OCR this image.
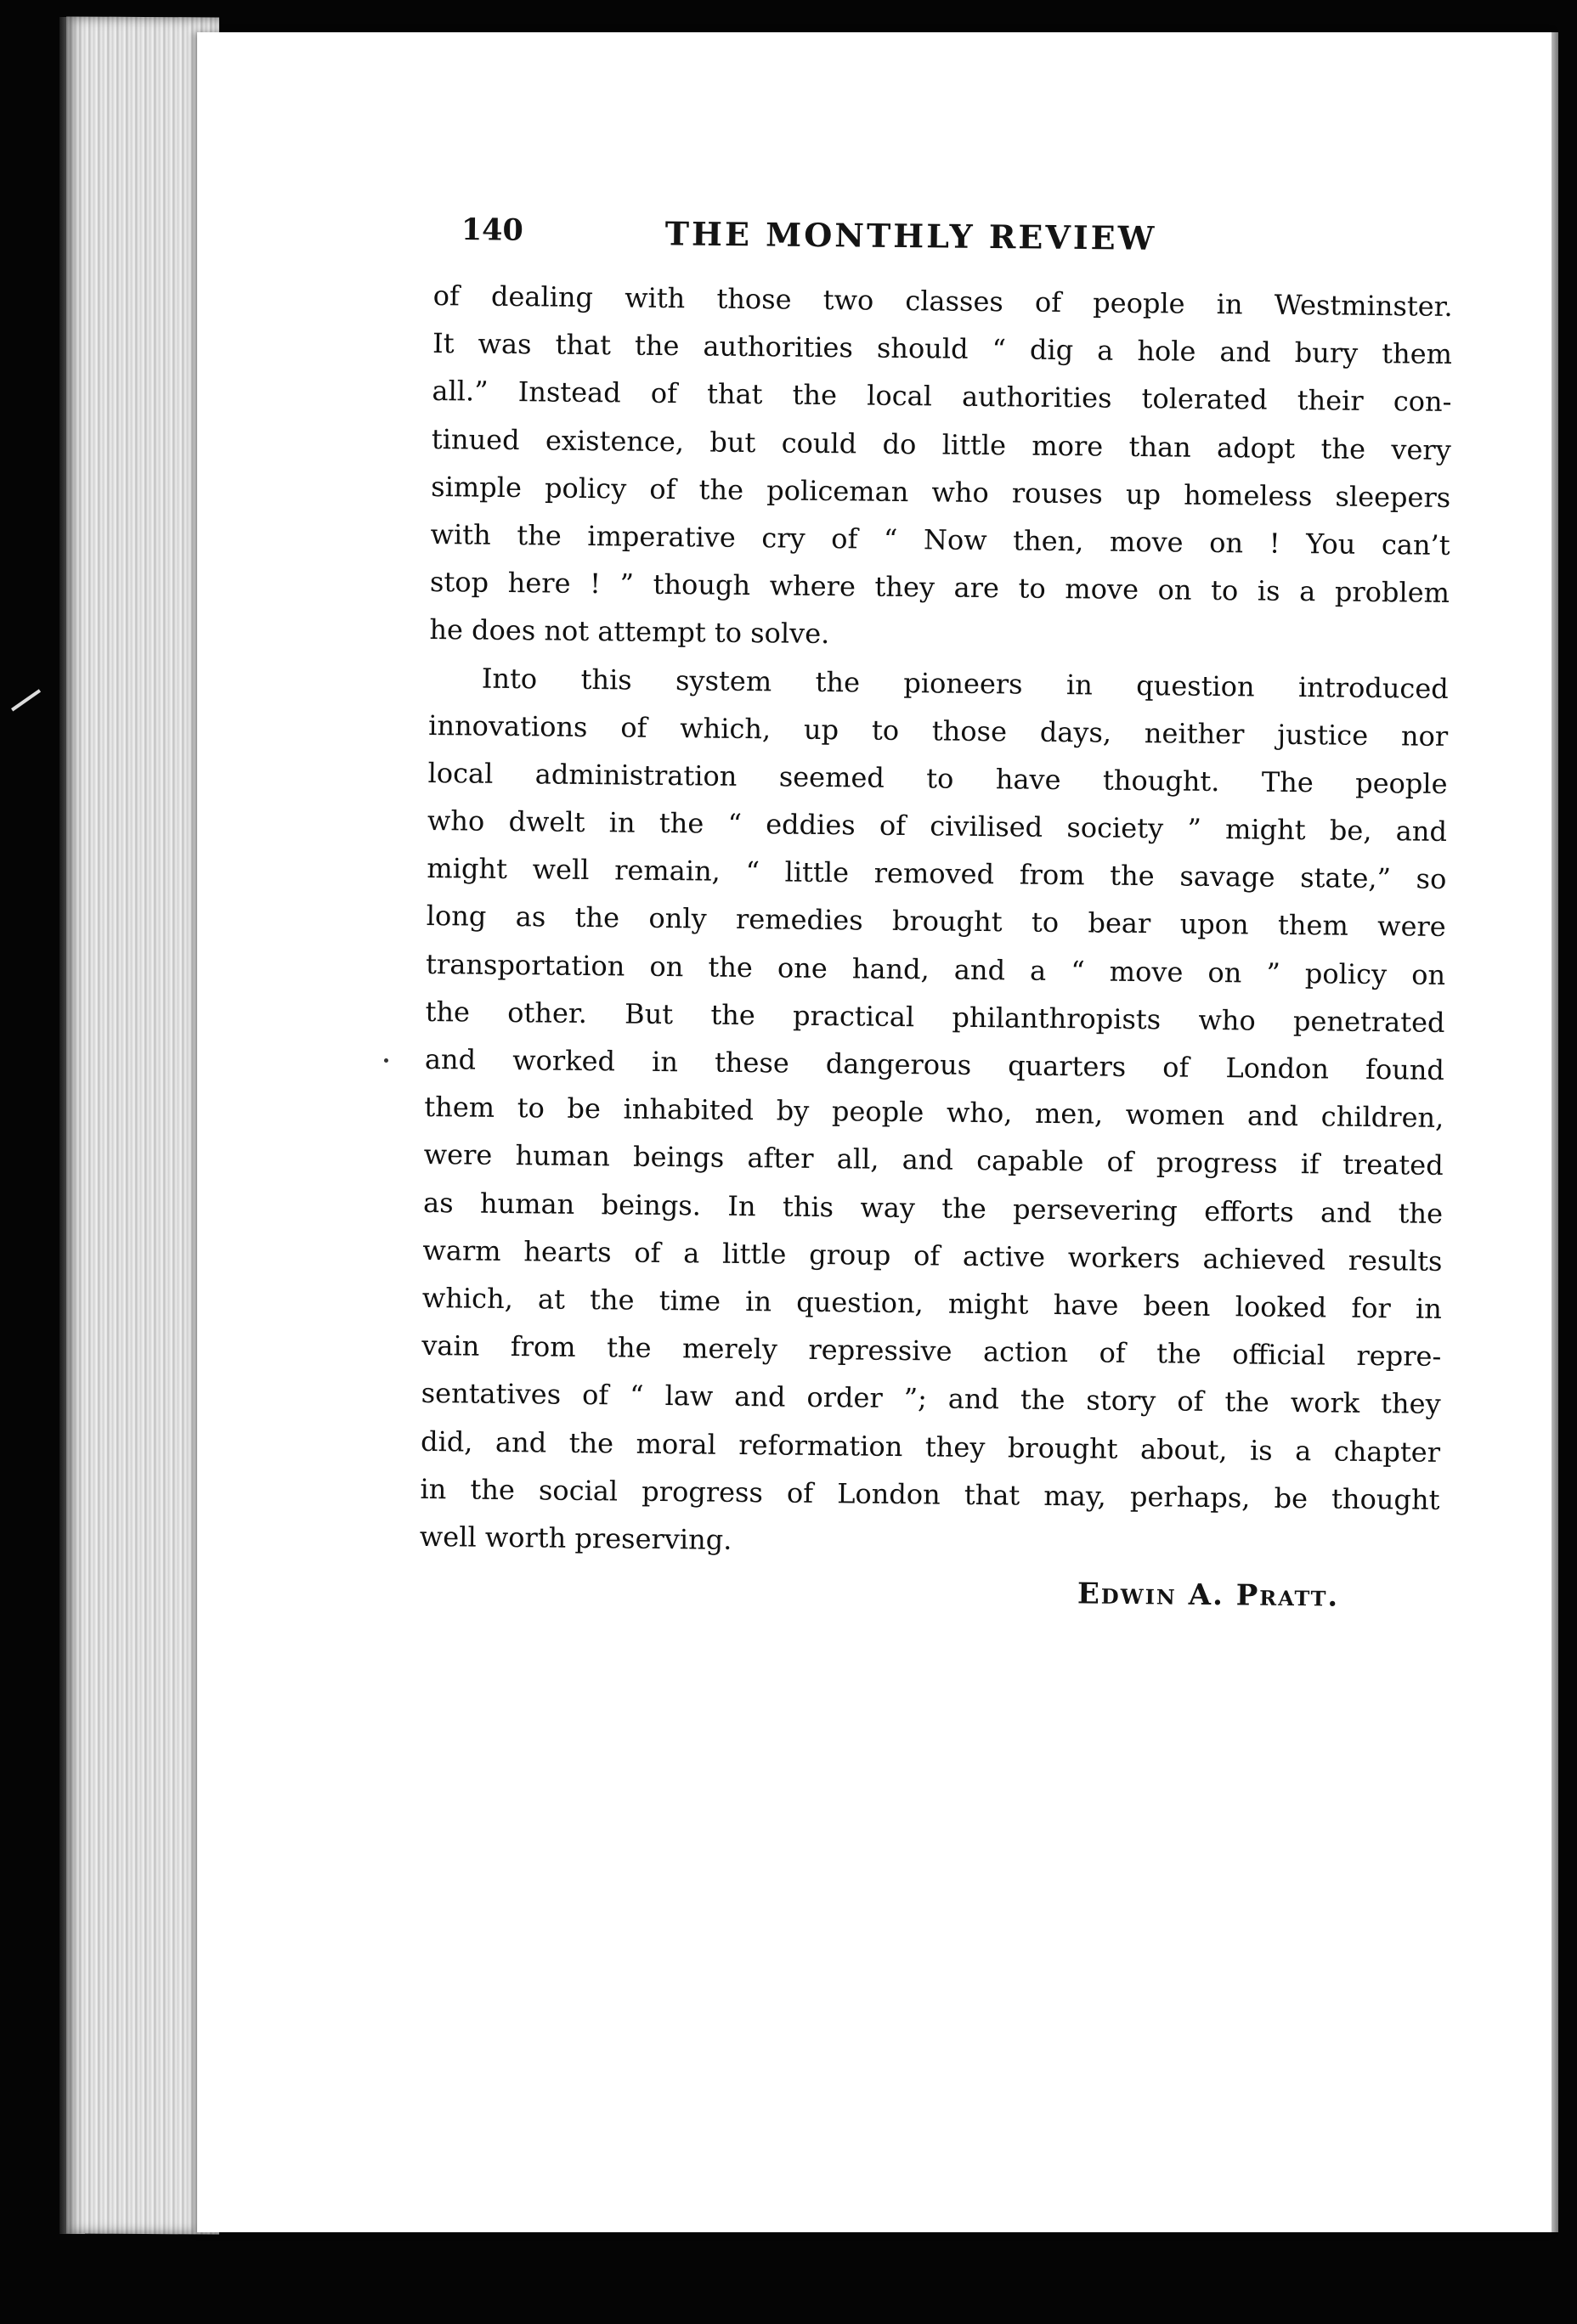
140	THE MONTHLY REVIEW

of dealing with those two classes of people in Westminster.
It was that the authorities should “ dig a hole and bury them
all.” Instead of that the local authorities tolerated their con-
tinued existence, but could do little more than adopt the very
simple policy of the policeman who rouses up homeless sleepers
with the imperative cry of “ Now then, move on ! You can’t
stop here ! ” though where they are to move on to is a problem
he does not attempt to solve.

Into this system the pioneers in question introduced
innovations of which, up to those days, neither justice nor
local administration seemed to have thought. The people
who dwelt in the “ eddies of civilised society ” might be, and
might well remain, “ little removed from the savage state,” so
long as the only remedies brought to bear upon them were
transportation on the one hand, and a “ move on ” policy on
the other. But the practical philanthropists who penetrated
and worked in these dangerous quarters of London found
them to be inhabited by people who, men, women and children,
were human beings after all, and capable of progress if treated
as human beings. In this way the persevering efforts and the
warm hearts of a little group of active workers achieved results
which, at the time in question, might have been looked for in
vain from the merely repressive action of the official repre-
sentatives of “ law and order ”; and the story of the work they
did, and the moral reformation they brought about, is a chapter
in the social progress of London that may, perhaps, be thought
well worth preserving.

Edwin A. Pratt.
